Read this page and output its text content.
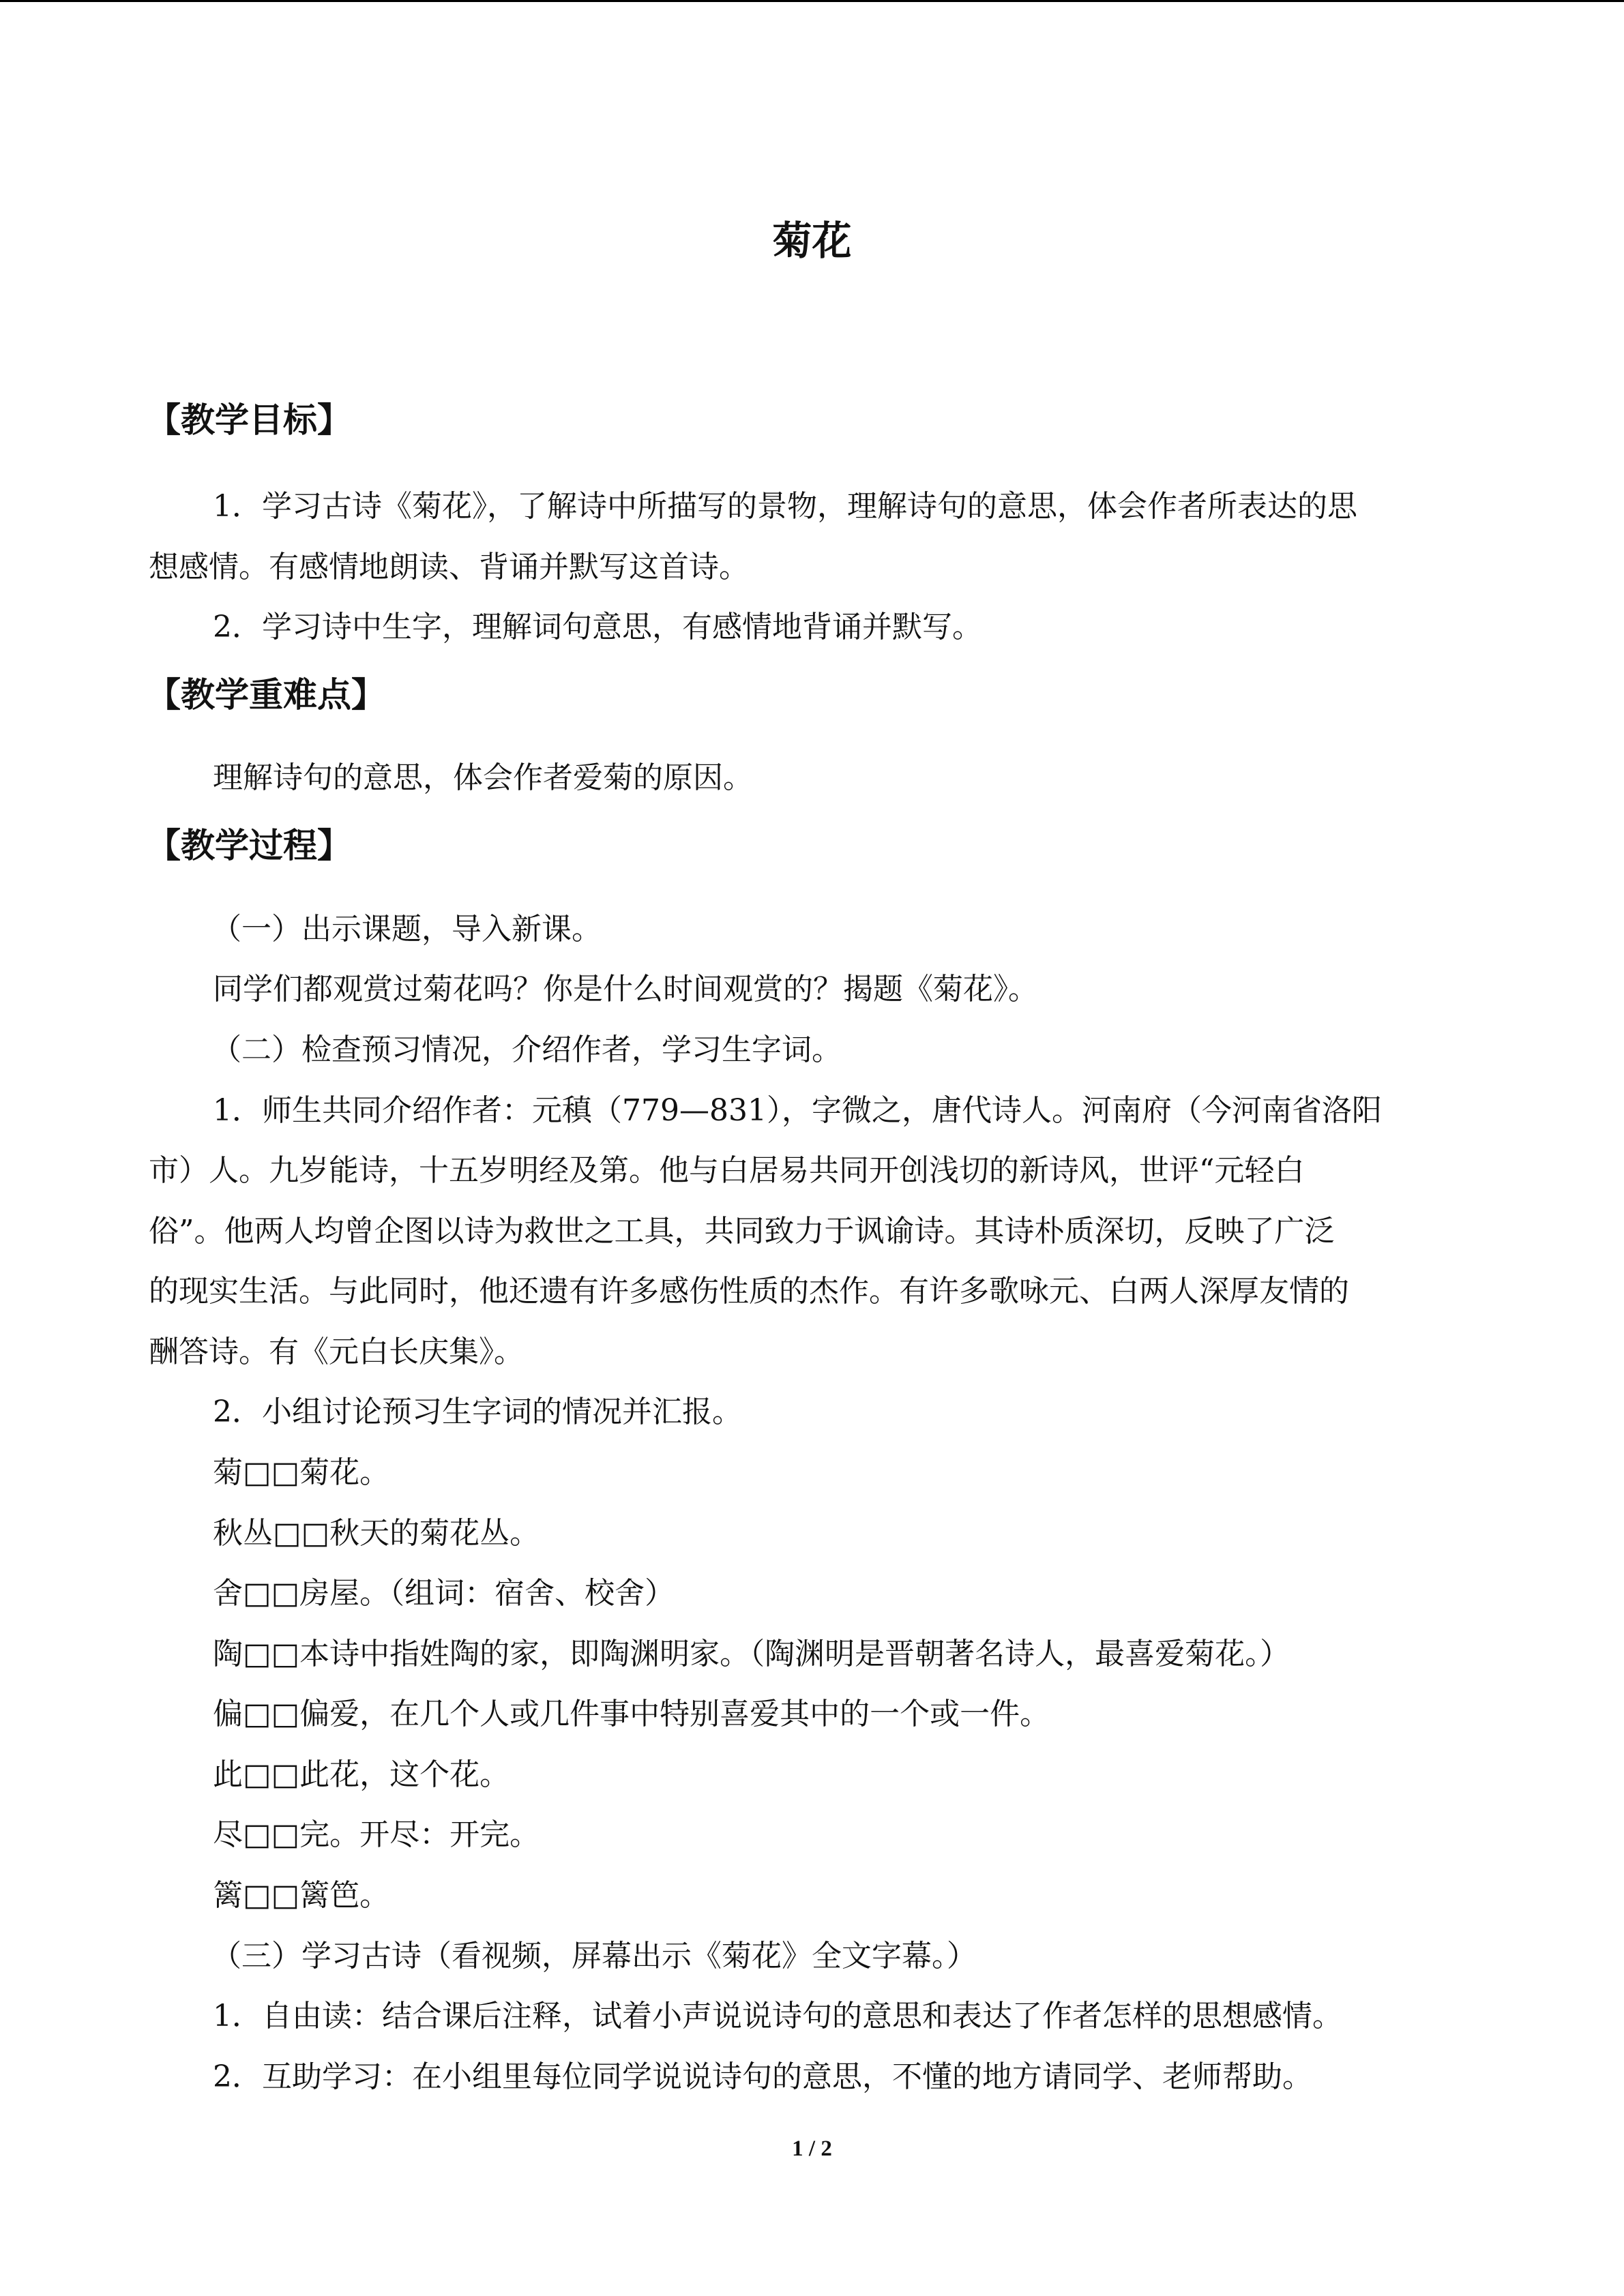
菊花
【教学目标】
1．学习古诗《菊花》，了解诗中所描写的景物，理解诗句的意思，体会作者所表达的思
想感情。有感情地朗读、背诵并默写这首诗。
2．学习诗中生字，理解词句意思，有感情地背诵并默写。
【教学重难点】
理解诗句的意思，体会作者爱菊的原因。
【教学过程】
（一）出示课题，导入新课。
同学们都观赏过菊花吗？你是什么时间观赏的？揭题《菊花》。
（二）检查预习情况，介绍作者，学习生字词。
1．师生共同介绍作者：元稹（779—831），字微之，唐代诗人。河南府（今河南省洛阳
市）人。九岁能诗，十五岁明经及第。他与白居易共同开创浅切的新诗风，世评“元轻白
俗”。他两人均曾企图以诗为救世之工具，共同致力于讽谕诗。其诗朴质深切，反映了广泛
的现实生活。与此同时，他还遗有许多感伤性质的杰作。有许多歌咏元、白两人深厚友情的
酬答诗。有《元白长庆集》。
2．小组讨论预习生字词的情况并汇报。
菊□□菊花。
秋丛□□秋天的菊花丛。
舍□□房屋。（组词：宿舍、校舍）
陶□□本诗中指姓陶的家，即陶渊明家。（陶渊明是晋朝著名诗人，最喜爱菊花。）
偏□□偏爱，在几个人或几件事中特别喜爱其中的一个或一件。
此□□此花，这个花。
尽□□完。开尽：开完。
篱□□篱笆。
（三）学习古诗（看视频，屏幕出示《菊花》全文字幕。）
1．自由读：结合课后注释，试着小声说说诗句的意思和表达了作者怎样的思想感情。
2．互助学习：在小组里每位同学说说诗句的意思，不懂的地方请同学、老师帮助。
1 / 2
